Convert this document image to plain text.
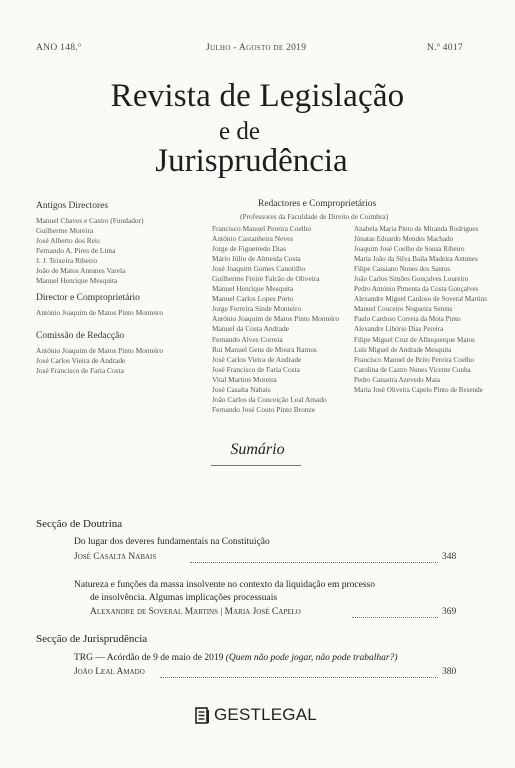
ANO 148.º	Julho - Agosto de 2019	N.º 4017
Revista de Legislação
e de
Jurisprudência
Antigos Directores
Manuel Chaves e Castro (Fundador)
Guilherme Moreira
José Alberto dos Reis
Fernando A. Pires de Lima
J. J. Teixeira Ribeiro
João de Matos Antunes Varela
Manuel Henrique Mesquita
Director e Comproprietário
António Joaquim de Matos Pinto Monteiro
Comissão de Redacção
António Joaquim de Matos Pinto Monteiro
José Carlos Vieira de Andrade
José Francisco de Faria Costa
Redactores e Comproprietários
(Professores da Faculdade de Direito de Coimbra)
Francisco Manuel Pereira Coelho
António Castanheira Neves
Jorge de Figueiredo Dias
Mário Júlio de Almeida Costa
José Joaquim Gomes Canotilho
Guilherme Freire Falcão de Oliveira
Manuel Henrique Mesquita
Manuel Carlos Lopes Porto
Jorge Ferreira Sinde Monteiro
António Joaquim de Matos Pinto Monteiro
Manuel da Costa Andrade
Fernando Alves Correia
Rui Manuel Gens de Moura Ramos
José Carlos Vieira de Andrade
José Francisco de Faria Costa
Vital Martins Moreira
José Casalta Nabais
João Carlos da Conceição Leal Amado
Fernando José Couto Pinto Bronze
Anabela Maria Pinto de Miranda Rodrigues
Jónatas Eduardo Mendes Machado
Joaquim José Coelho de Sousa Ribeiro
Maria João da Silva Baila Madeira Antunes
Filipe Cassiano Nunes dos Santos
João Carlos Simões Gonçalves Loureiro
Pedro António Pimenta da Costa Gonçalves
Alexandre Miguel Cardoso de Soveral Martins
Manuel Couceiro Nogueira Serens
Paulo Cardoso Correia da Mota Pinto
Alexandre Libório Dias Pereira
Filipe Miguel Cruz de Albuquerque Matos
Luís Miguel de Andrade Mesquita
Francisco Manuel de Brito Pereira Coelho
Carolina de Castro Nunes Vicente Cunha
Pedro Canastra Azevedo Maia
Maria José Oliveira Capelo Pinto de Resende
Sumário
Secção de Doutrina
Do lugar dos deveres fundamentais na Constituição
José Casalta Nabais	348
Natureza e funções da massa insolvente no contexto da liquidação em processo
de insolvência. Algumas implicações processuais
Alexandre de Soveral Martins | Maria José Capelo	369
Secção de Jurisprudência
TRG — Acórdão de 9 de maio de 2019 (Quem não pode jogar, não pode trabalhar?)
João Leal Amado	380
GESTLEGAL
